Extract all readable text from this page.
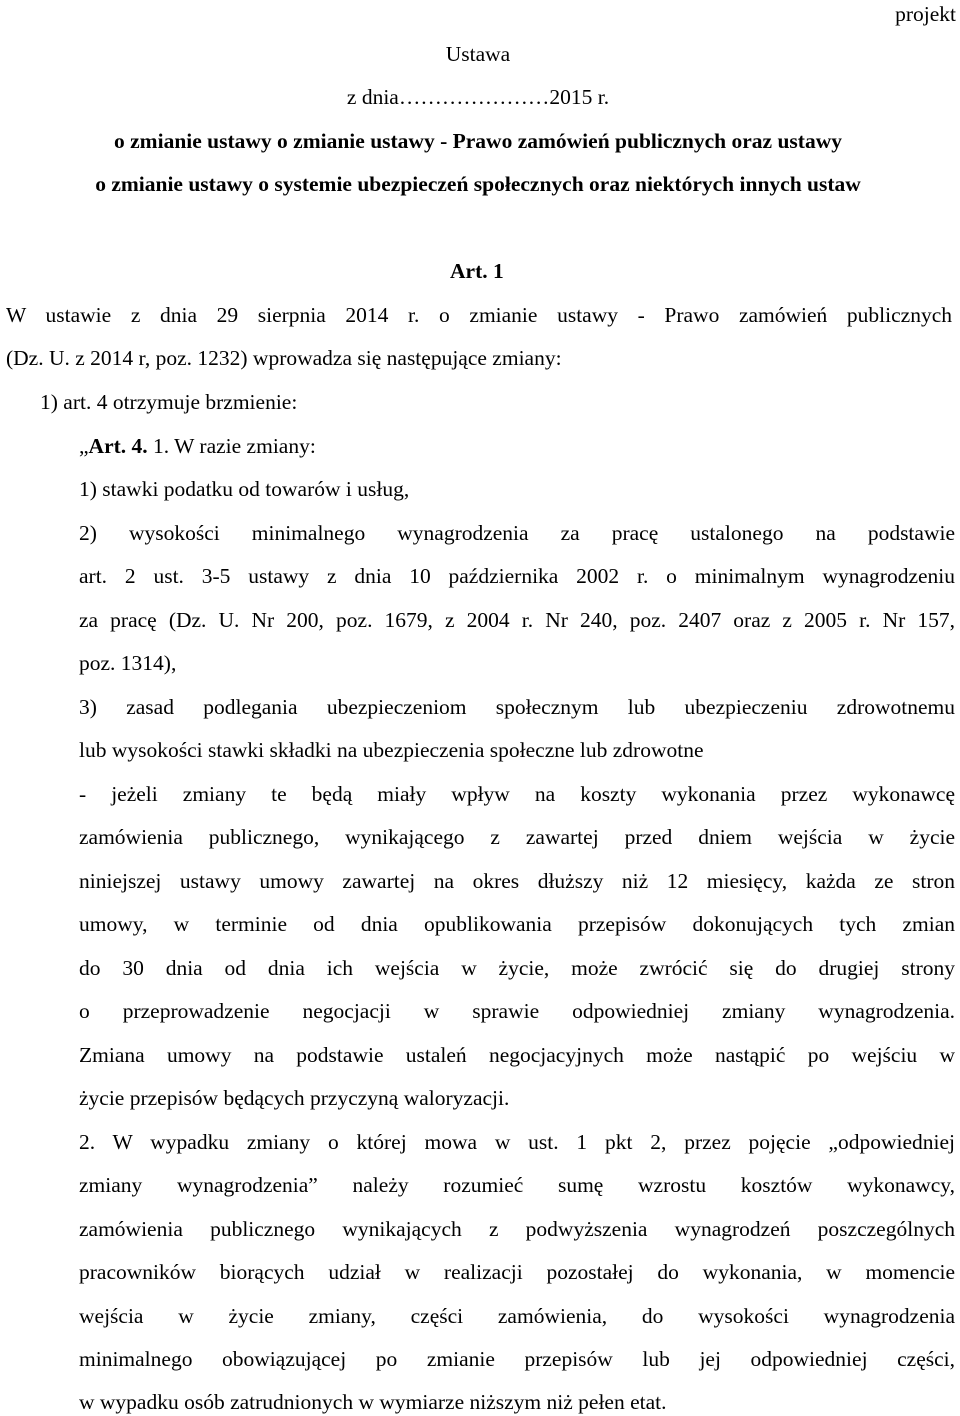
projekt

Ustawa

z dnia…………………2015 r.

o zmianie ustawy o zmianie ustawy - Prawo zamówień publicznych oraz ustawy

o zmianie ustawy o systemie ubezpieczeń społecznych oraz niektórych innych ustaw

Art. 1

W ustawie z dnia 29 sierpnia 2014 r. o zmianie ustawy - Prawo zamówień publicznych

(Dz. U. z 2014 r, poz. 1232) wprowadza się następujące zmiany:

1) art. 4 otrzymuje brzmienie:

„Art. 4. 1. W razie zmiany:

1) stawki podatku od towarów i usług,

2) wysokości minimalnego wynagrodzenia za pracę ustalonego na podstawie

art. 2 ust. 3-5 ustawy z dnia 10 października 2002 r. o minimalnym wynagrodzeniu

za pracę (Dz. U. Nr 200, poz. 1679, z 2004 r. Nr 240, poz. 2407 oraz z 2005 r. Nr 157,

poz. 1314),

3) zasad podlegania ubezpieczeniom społecznym lub ubezpieczeniu zdrowotnemu

lub wysokości stawki składki na ubezpieczenia społeczne lub zdrowotne

- jeżeli zmiany te będą miały wpływ na koszty wykonania przez wykonawcę

zamówienia publicznego, wynikającego z zawartej przed dniem wejścia w życie

niniejszej ustawy umowy zawartej na okres dłuższy niż 12 miesięcy, każda ze stron

umowy, w terminie od dnia opublikowania przepisów dokonujących tych zmian

do 30 dnia od dnia ich wejścia w życie, może zwrócić się do drugiej strony

o przeprowadzenie negocjacji w sprawie odpowiedniej zmiany wynagrodzenia.

Zmiana umowy na podstawie ustaleń negocjacyjnych może nastąpić po wejściu w

życie przepisów będących przyczyną waloryzacji.

2. W wypadku zmiany o której mowa w ust. 1 pkt 2, przez pojęcie „odpowiedniej

zmiany wynagrodzenia” należy rozumieć sumę wzrostu kosztów wykonawcy,

zamówienia publicznego wynikających z podwyższenia wynagrodzeń poszczególnych

pracowników biorących udział w realizacji pozostałej do wykonania, w momencie

wejścia w życie zmiany, części zamówienia, do wysokości wynagrodzenia

minimalnego obowiązującej po zmianie przepisów lub jej odpowiedniej części,

w wypadku osób zatrudnionych w wymiarze niższym niż pełen etat.
